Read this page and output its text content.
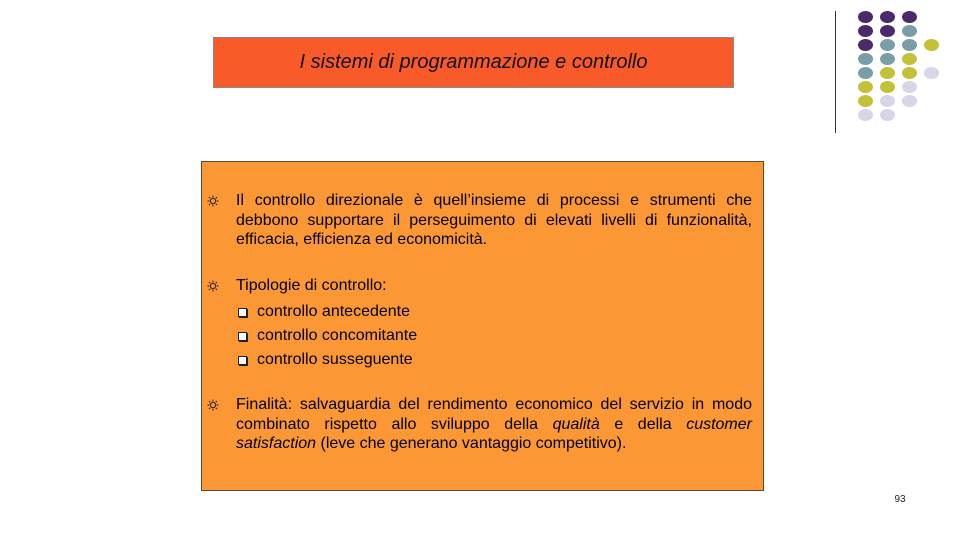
I sistemi di programmazione e controllo
Il controllo direzionale è quell’insieme di processi e strumenti che debbono supportare il perseguimento di elevati livelli di funzionalità, efficacia, efficienza ed economicità.
Tipologie di controllo:
controllo antecedente
controllo concomitante
controllo susseguente
Finalità: salvaguardia del rendimento economico del servizio in modo combinato rispetto allo sviluppo della qualità e della customer satisfaction (leve che generano vantaggio competitivo).
93
